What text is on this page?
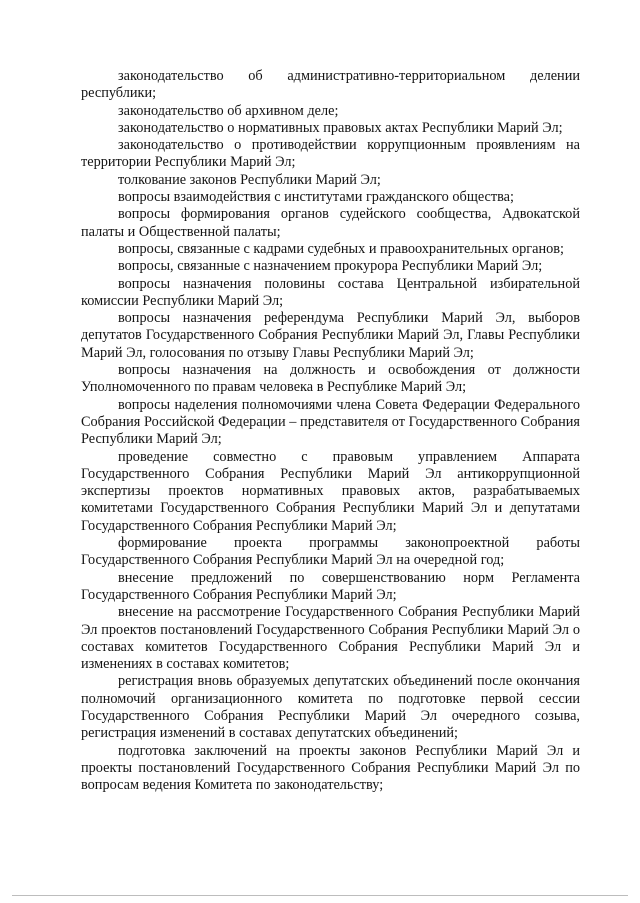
законодательство об административно-территориальном делении республики;

законодательство об архивном деле;

законодательство о нормативных правовых актах Республики Марий Эл;

законодательство о противодействии коррупционным проявлениям на территории Республики Марий Эл;

толкование законов Республики Марий Эл;

вопросы взаимодействия с институтами гражданского общества;

вопросы формирования органов судейского сообщества, Адвокатской палаты и Общественной палаты;

вопросы, связанные с кадрами судебных и правоохранительных органов;

вопросы, связанные с назначением прокурора Республики Марий Эл;

вопросы назначения половины состава Центральной избирательной комиссии Республики Марий Эл;

вопросы назначения референдума Республики Марий Эл, выборов депутатов Государственного Собрания Республики Марий Эл, Главы Республики Марий Эл, голосования по отзыву Главы Республики Марий Эл;

вопросы назначения на должность и освобождения от должности Уполномоченного по правам человека в Республике Марий Эл;

вопросы наделения полномочиями члена Совета Федерации Федерального Собрания Российской Федерации – представителя от Государственного Собрания Республики Марий Эл;

проведение совместно с правовым управлением Аппарата Государственного Собрания Республики Марий Эл антикоррупционной экспертизы проектов нормативных правовых актов, разрабатываемых комитетами Государственного Собрания Республики Марий Эл и депутатами Государственного Собрания Республики Марий Эл;

формирование проекта программы законопроектной работы Государственного Собрания Республики Марий Эл на очередной год;

внесение предложений по совершенствованию норм Регламента Государственного Собрания Республики Марий Эл;

внесение на рассмотрение Государственного Собрания Республики Марий Эл проектов постановлений Государственного Собрания Республики Марий Эл о составах комитетов Государственного Собрания Республики Марий Эл и изменениях в составах комитетов;

регистрация вновь образуемых депутатских объединений после окончания полномочий организационного комитета по подготовке первой сессии Государственного Собрания Республики Марий Эл очередного созыва, регистрация изменений в составах депутатских объединений;

подготовка заключений на проекты законов Республики Марий Эл и проекты постановлений Государственного Собрания Республики Марий Эл по вопросам ведения Комитета по законодательству;
